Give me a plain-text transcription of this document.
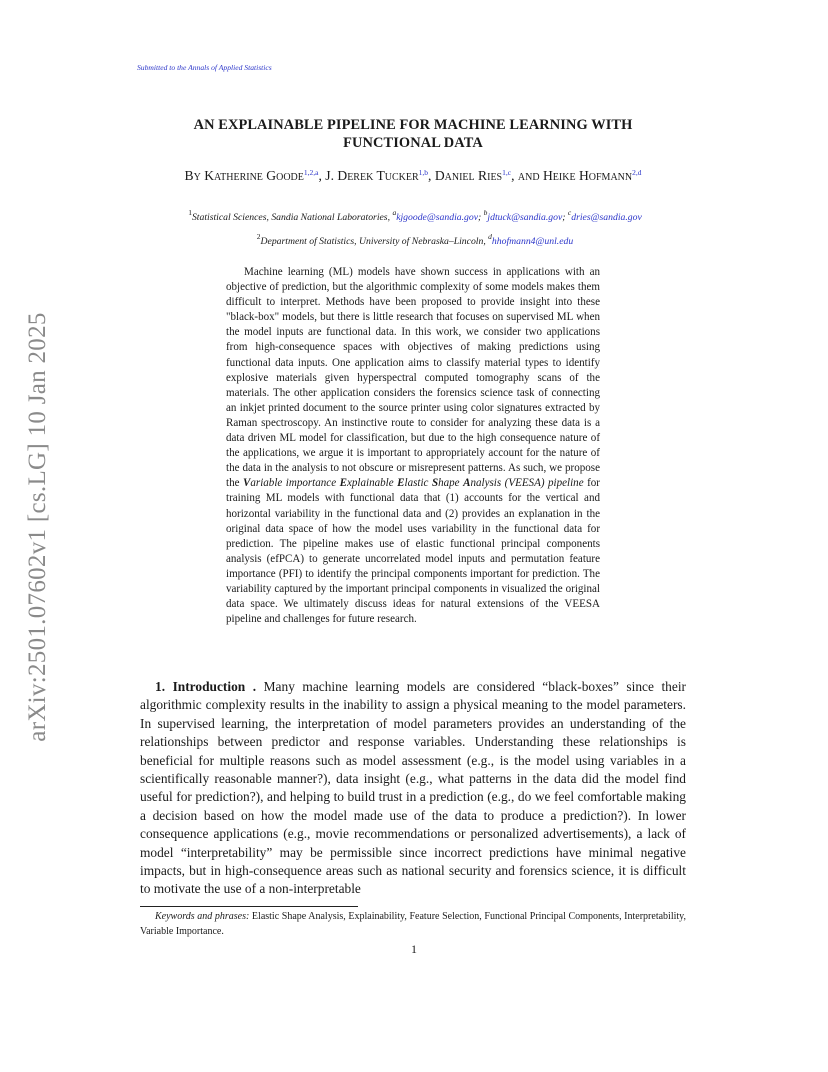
Submitted to the Annals of Applied Statistics
arXiv:2501.07602v1 [cs.LG] 10 Jan 2025
AN EXPLAINABLE PIPELINE FOR MACHINE LEARNING WITH
FUNCTIONAL DATA
By Katherine Goode$^{1,2,a}$, J. Derek Tucker$^{1,b}$, Daniel Ries$^{1,c}$, and Heike Hofmann$^{2,d}$
$^1$Statistical Sciences, Sandia National Laboratories, $^a$kjgoode@sandia.gov; $^b$jdtuck@sandia.gov; $^c$dries@sandia.gov
$^2$Department of Statistics, University of Nebraska–Lincoln, $^d$hhofmann4@unl.edu

Machine learning (ML) models have shown success in applications with an objective of prediction, but the algorithmic complexity of some models makes them difficult to interpret. Methods have been proposed to provide insight into these "black-box" models, but there is little research that focuses on supervised ML when the model inputs are functional data. In this work, we consider two applications from high-consequence spaces with objectives of making predictions using functional data inputs. One application aims to classify material types to identify explosive materials given hyperspectral computed tomography scans of the materials. The other application considers the forensics science task of connecting an inkjet printed document to the source printer using color signatures extracted by Raman spectroscopy. An instinctive route to consider for analyzing these data is a data driven ML model for classification, but due to the high consequence nature of the applications, we argue it is important to appropriately account for the nature of the data in the analysis to not obscure or misrepresent patterns. As such, we propose the Variable importance Explainable Elastic Shape Analysis (VEESA) pipeline for training ML models with functional data that (1) accounts for the vertical and horizontal variability in the functional data and (2) provides an explanation in the original data space of how the model uses variability in the functional data for prediction. The pipeline makes use of elastic functional principal components analysis (efPCA) to generate uncorrelated model inputs and permutation feature importance (PFI) to identify the principal components important for prediction. The variability captured by the important principal components in visualized the original data space. We ultimately discuss ideas for natural extensions of the VEESA pipeline and challenges for future research.

1. Introduction . Many machine learning models are considered “black-boxes” since their algorithmic complexity results in the inability to assign a physical meaning to the model parameters. In supervised learning, the interpretation of model parameters provides an understanding of the relationships between predictor and response variables. Understanding these relationships is beneficial for multiple reasons such as model assessment (e.g., is the model using variables in a scientifically reasonable manner?), data insight (e.g., what patterns in the data did the model find useful for prediction?), and helping to build trust in a prediction (e.g., do we feel comfortable making a decision based on how the model made use of the data to produce a prediction?). In lower consequence applications (e.g., movie recommendations or personalized advertisements), a lack of model “interpretability” may be permissible since incorrect predictions have minimal negative impacts, but in high-consequence areas such as national security and forensics science, it is difficult to motivate the use of a non-interpretable

Keywords and phrases: Elastic Shape Analysis, Explainability, Feature Selection, Functional Principal Components, Interpretability, Variable Importance.

1
